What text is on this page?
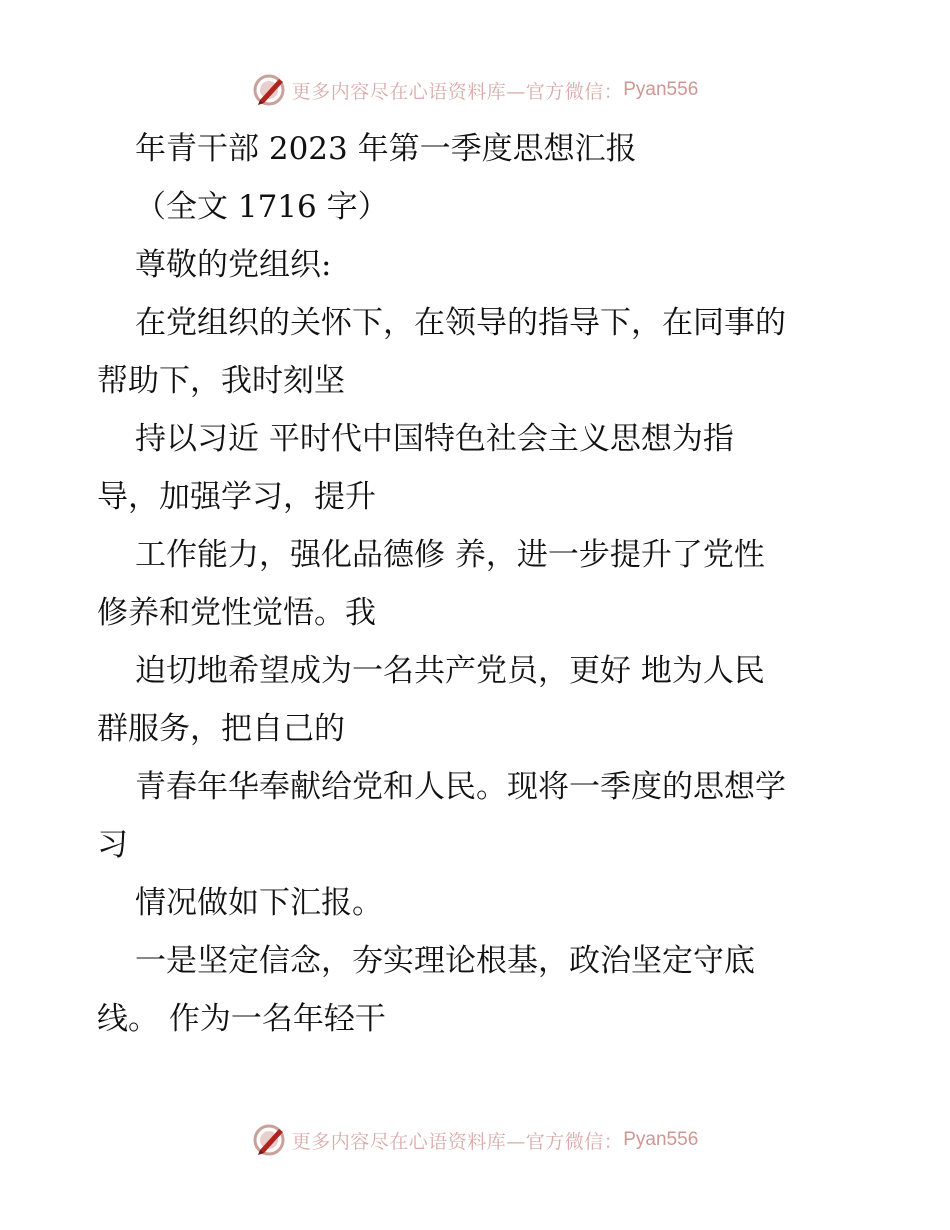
更多内容尽在心语资料库—官方微信： Pyan556

年青干部 2023 年第一季度思想汇报

（全文 1716 字）

尊敬的党组织:

在党组织的关怀下，在领导的指导下，在同事的

帮助下，我时刻坚

持以习近 平时代中国特色社会主义思想为指

导，加强学习，提升

工作能力，强化品德修 养，进一步提升了党性

修养和党性觉悟。我

迫切地希望成为一名共产党员，更好 地为人民

群服务，把自己的

青春年华奉献给党和人民。现将一季度的思想学

习

情况做如下汇报。

一是坚定信念，夯实理论根基，政治坚定守底

线。 作为一名年轻干

更多内容尽在心语资料库—官方微信： Pyan556
